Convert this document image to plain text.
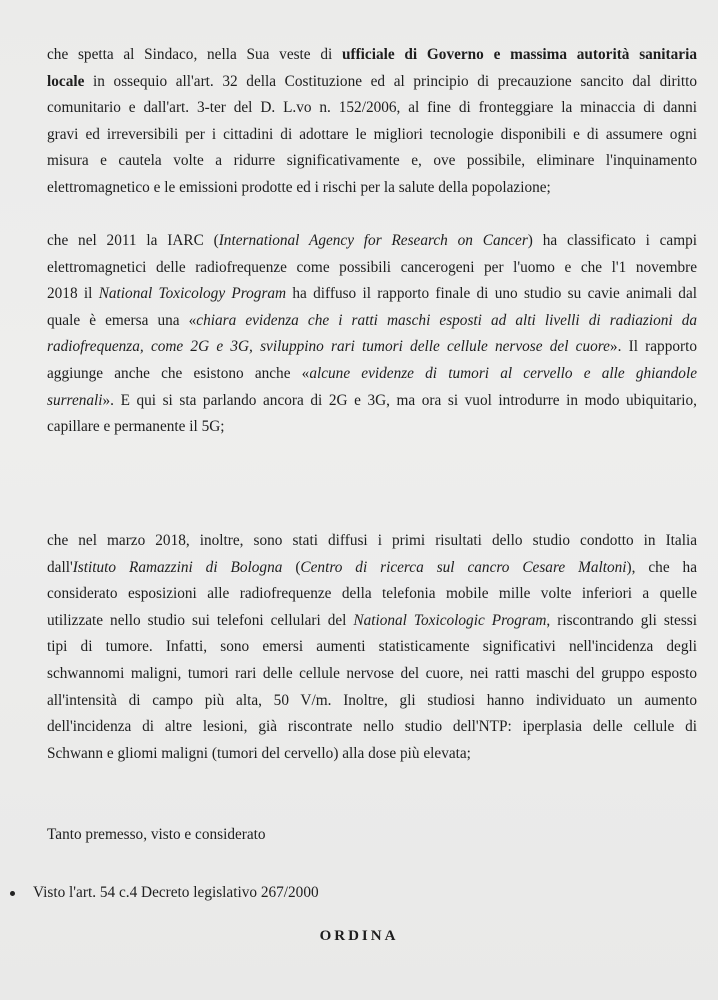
che spetta al Sindaco, nella Sua veste di ufficiale di Governo e massima autorità sanitaria
locale in ossequio all'art. 32 della Costituzione ed al principio di precauzione sancito dal diritto
comunitario e dall'art. 3-ter del D. L.vo n. 152/2006, al fine di fronteggiare la minaccia di danni
gravi ed irreversibili per i cittadini di adottare le migliori tecnologie disponibili e di assumere ogni
misura e cautela volte a ridurre significativamente e, ove possibile, eliminare l'inquinamento
elettromagnetico e le emissioni prodotte ed i rischi per la salute della popolazione;

che nel 2011 la IARC (International Agency for Research on Cancer) ha classificato i campi
elettromagnetici delle radiofrequenze come possibili cancerogeni per l'uomo e che l'1 novembre
2018 il National Toxicology Program ha diffuso il rapporto finale di uno studio su cavie animali dal
quale è emersa una «chiara evidenza che i ratti maschi esposti ad alti livelli di radiazioni da
radiofrequenza, come 2G e 3G, sviluppino rari tumori delle cellule nervose del cuore». Il rapporto
aggiunge anche che esistono anche «alcune evidenze di tumori al cervello e alle ghiandole
surrenali». E qui si sta parlando ancora di 2G e 3G, ma ora si vuol introdurre in modo ubiquitario,
capillare e permanente il 5G;

che nel marzo 2018, inoltre, sono stati diffusi i primi risultati dello studio condotto in Italia
dall'Istituto Ramazzini di Bologna (Centro di ricerca sul cancro Cesare Maltoni), che ha
considerato esposizioni alle radiofrequenze della telefonia mobile mille volte inferiori a quelle
utilizzate nello studio sui telefoni cellulari del National Toxicologic Program, riscontrando gli stessi
tipi di tumore. Infatti, sono emersi aumenti statisticamente significativi nell'incidenza degli
schwannomi maligni, tumori rari delle cellule nervose del cuore, nei ratti maschi del gruppo esposto
all'intensità di campo più alta, 50 V/m. Inoltre, gli studiosi hanno individuato un aumento
dell'incidenza di altre lesioni, già riscontrate nello studio dell'NTP: iperplasia delle cellule di
Schwann e gliomi maligni (tumori del cervello) alla dose più elevata;

Tanto premesso, visto e considerato

Visto l'art. 54 c.4 Decreto legislativo 267/2000

ORDINA
